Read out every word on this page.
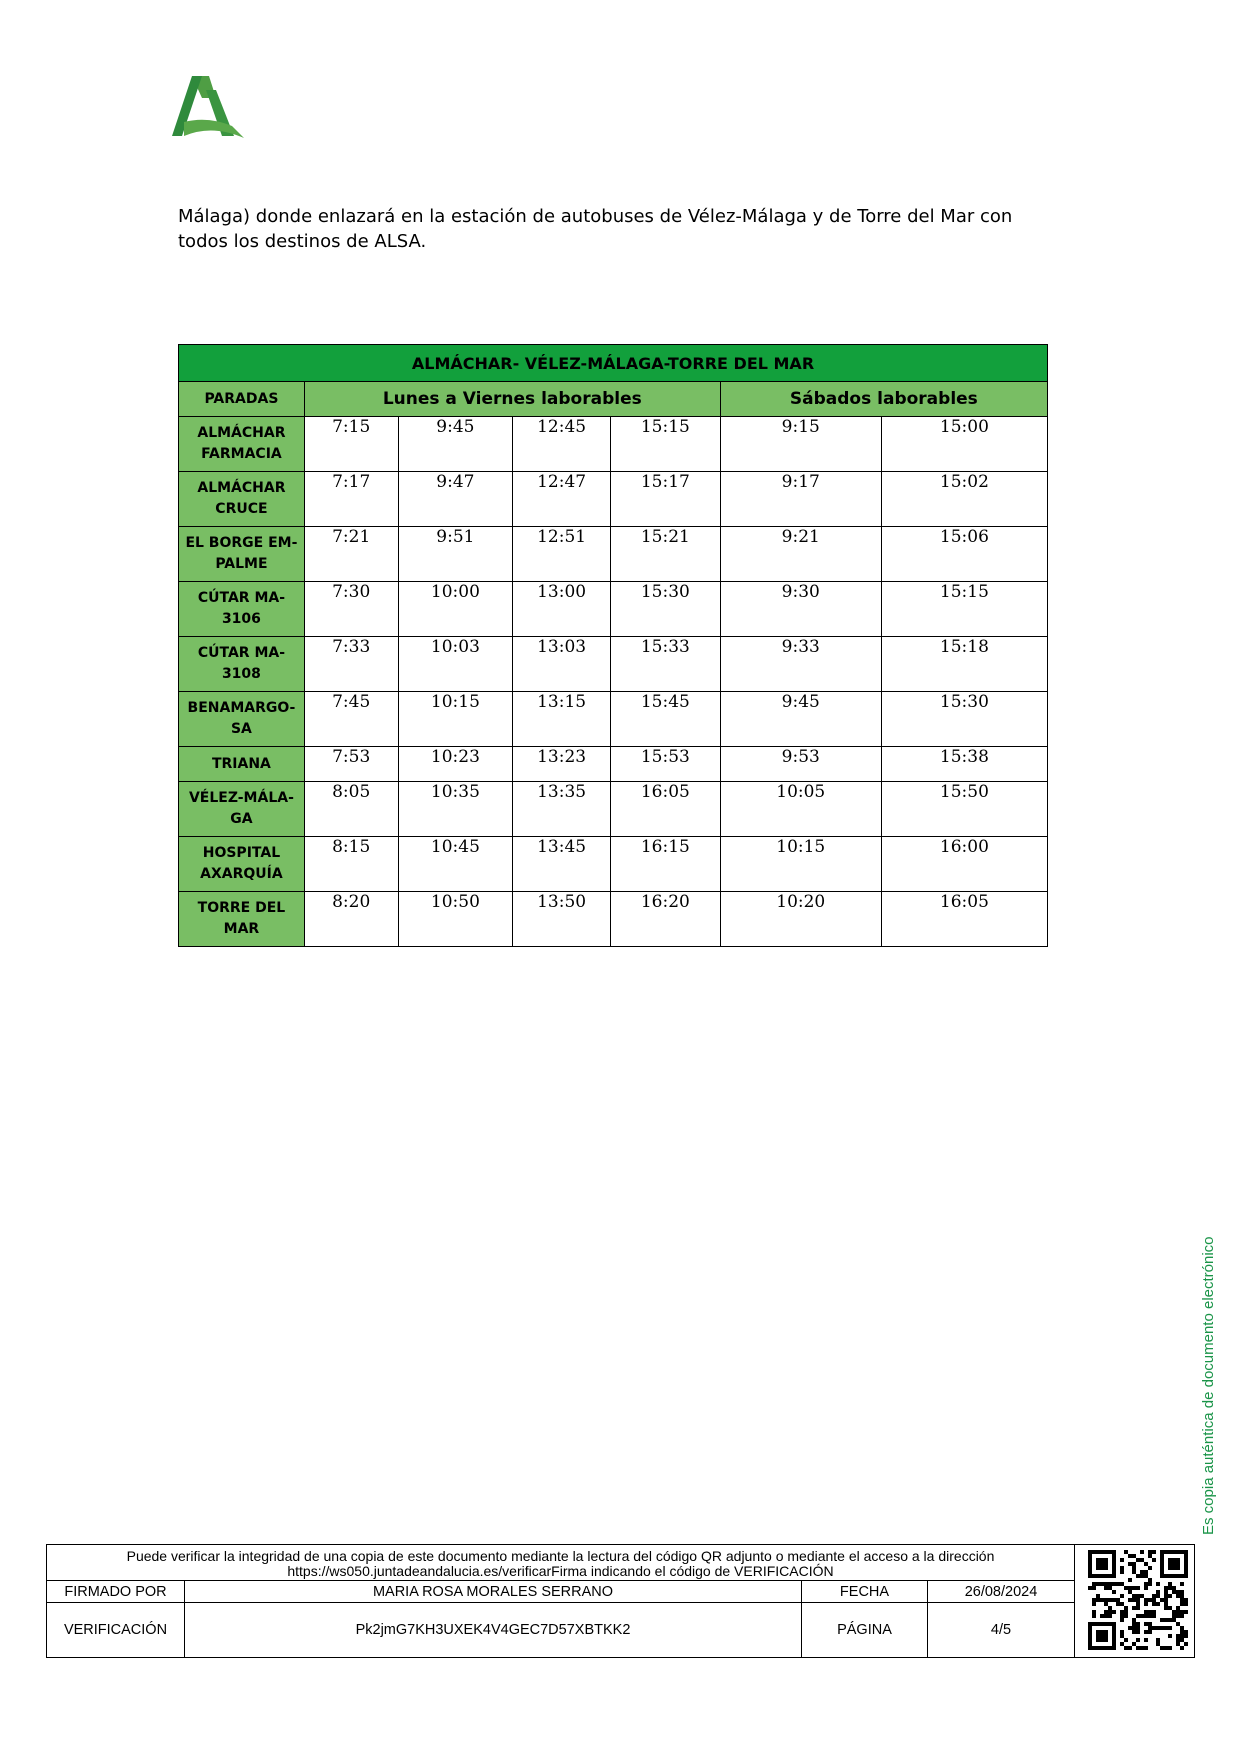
Málaga) donde enlazará en la estación de autobuses de Vélez-Málaga y de Torre del Mar con todos los destinos de ALSA.
ALMÁCHAR- VÉLEZ-MÁLAGA-TORRE DEL MAR						
PARADAS	Lunes a Viernes laborables				Sábados laborables	
ALMÁCHAR FARMACIA	7:15	9:45	12:45	15:15	9:15	15:00
ALMÁCHAR CRUCE	7:17	9:47	12:47	15:17	9:17	15:02
EL BORGE EM-PALME	7:21	9:51	12:51	15:21	9:21	15:06
CÚTAR MA-3106	7:30	10:00	13:00	15:30	9:30	15:15
CÚTAR MA-3108	7:33	10:03	13:03	15:33	9:33	15:18
BENAMARGO-SA	7:45	10:15	13:15	15:45	9:45	15:30
TRIANA	7:53	10:23	13:23	15:53	9:53	15:38
VÉLEZ-MÁLA-GA	8:05	10:35	13:35	16:05	10:05	15:50
HOSPITAL AXARQUÍA	8:15	10:45	13:45	16:15	10:15	16:00
TORRE DEL MAR	8:20	10:50	13:50	16:20	10:20	16:05
Es copia auténtica de documento electrónico
Puede verificar la integridad de una copia de este documento mediante la lectura del código QR adjunto o mediante el acceso a la dirección https://ws050.juntadeandalucia.es/verificarFirma indicando el código de VERIFICACIÓN
FIRMADO POR	MARIA ROSA MORALES SERRANO	FECHA	26/08/2024
VERIFICACIÓN	Pk2jmG7KH3UXEK4V4GEC7D57XBTKK2	PÁGINA	4/5
